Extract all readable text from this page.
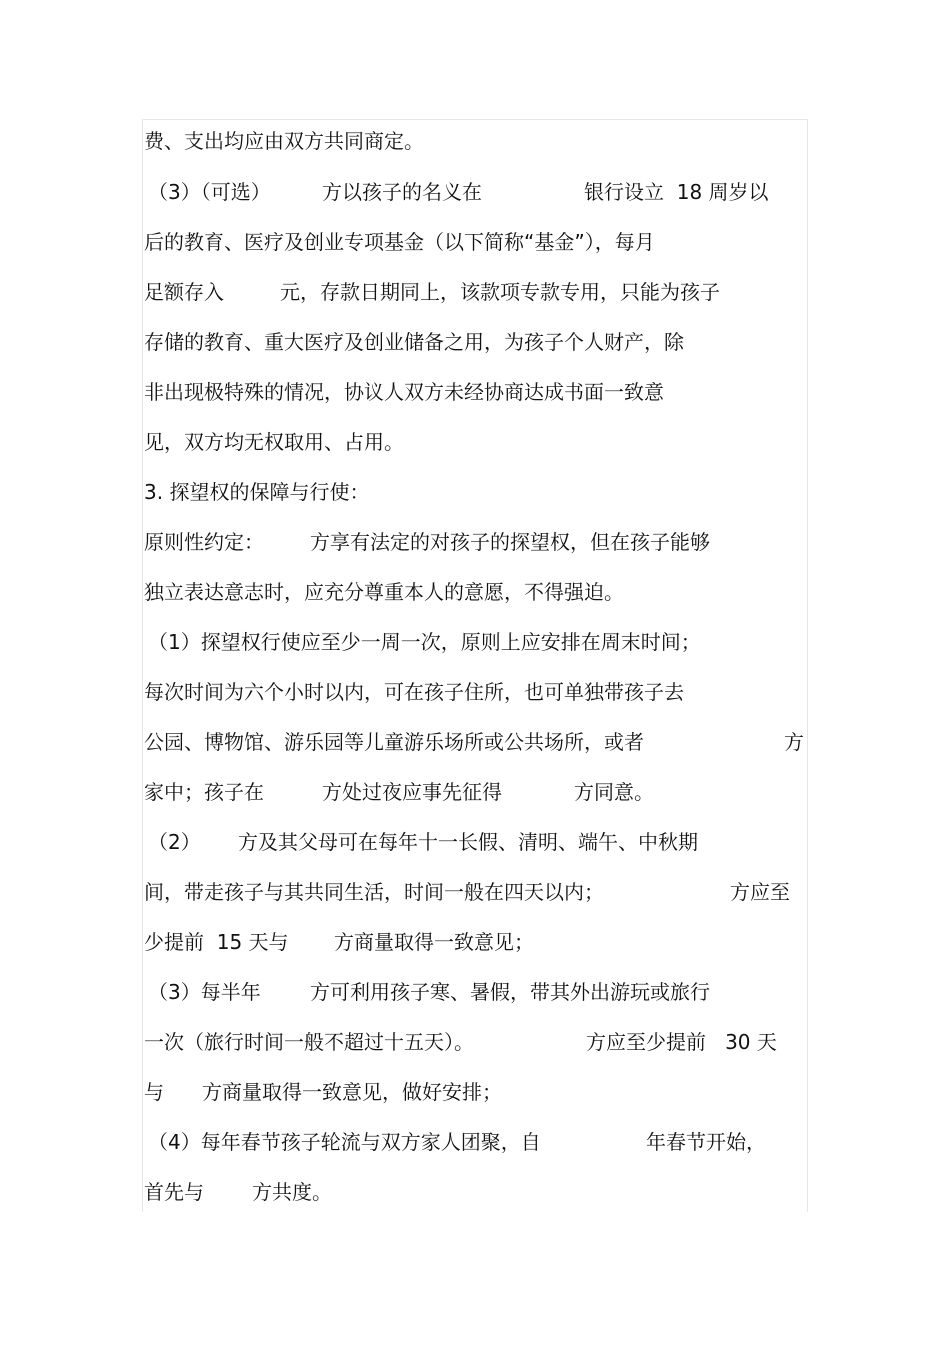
费、支出均应由双方共同商定。

（3）（可选）

	方以孩子的名义在

	银行设立  18 周岁以

后的教育、医疗及创业专项基金（以下简称“基金”），每月

足额存入

	元，存款日期同上，该款项专款专用，只能为孩子

存储的教育、重大医疗及创业储备之用，为孩子个人财产，除

非出现极特殊的情况，协议人双方未经协商达成书面一致意

见，双方均无权取用、占用。

3. 探望权的保障与行使：

原则性约定：

方享有法定的对孩子的探望权，但在孩子能够

独立表达意志时，应充分尊重本人的意愿，不得强迫。

（1）探望权行使应至少一周一次，原则上应安排在周末时间；

每次时间为六个小时以内，可在孩子住所，也可单独带孩子去

公园、博物馆、游乐园等儿童游乐场所或公共场所，或者

	方

家中；孩子在

	方处过夜应事先征得

	方同意。

（2）

方及其父母可在每年十一长假、清明、端午、中秋期

间，带走孩子与其共同生活，时间一般在四天以内；

	方应至

少提前  15 天与

方商量取得一致意见；

（3）每半年

方可利用孩子寒、暑假，带其外出游玩或旅行

一次（旅行时间一般不超过十五天）。

	方应至少提前   30 天

与

方商量取得一致意见，做好安排；

（4）每年春节孩子轮流与双方家人团聚，自

	年春节开始，

首先与

方共度。
